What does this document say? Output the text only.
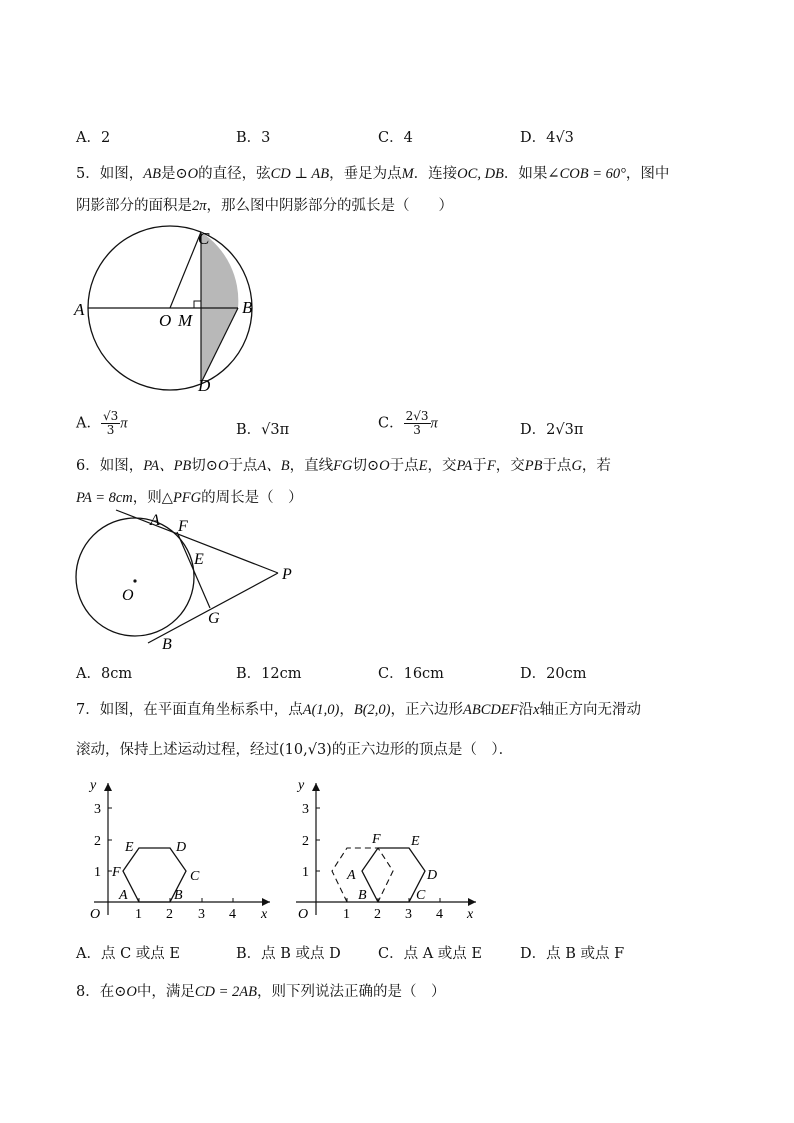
A．2	B．3	C．4	D．4√3
5．如图，AB是⊙O的直径，弦CD ⊥ AB，垂足为点M．连接OC, DB．如果∠COB = 60°，图中
阴影部分的面积是2π，那么图中阴影部分的弧长是（　　）
A	B
C
D
O M
A． $\frac{√3}{3}$ π	B．√3π	C． $\frac{2√3}{3}$ π	D．2√3π
6．如图，PA、PB切⊙O于点A、B，直线FG切⊙O于点E，交PA于F，交PB于点G，若
PA = 8cm，则△PFG的周长是（　）
A F
E
P
G
B
O
A．8cm	B．12cm	C．16cm	D．20cm
7．如图，在平面直角坐标系中，点A(1,0)，B(2,0)，正六边形ABCDEF沿x轴正方向无滑动
滚动，保持上述运动过程，经过(10,√3)的正六边形的顶点是（　）．
O 1 2 3 4 x
1
2
3
y
A	B
C
D
E
F
O 1 2 3 4 x
1
2
3
y
A
B	C
D
E
F
A．点 C 或点 E	B．点 B 或点 D	C．点 A 或点 E	D．点 B 或点 F
8．在⊙O中，满足CD = 2AB，则下列说法正确的是（　）
